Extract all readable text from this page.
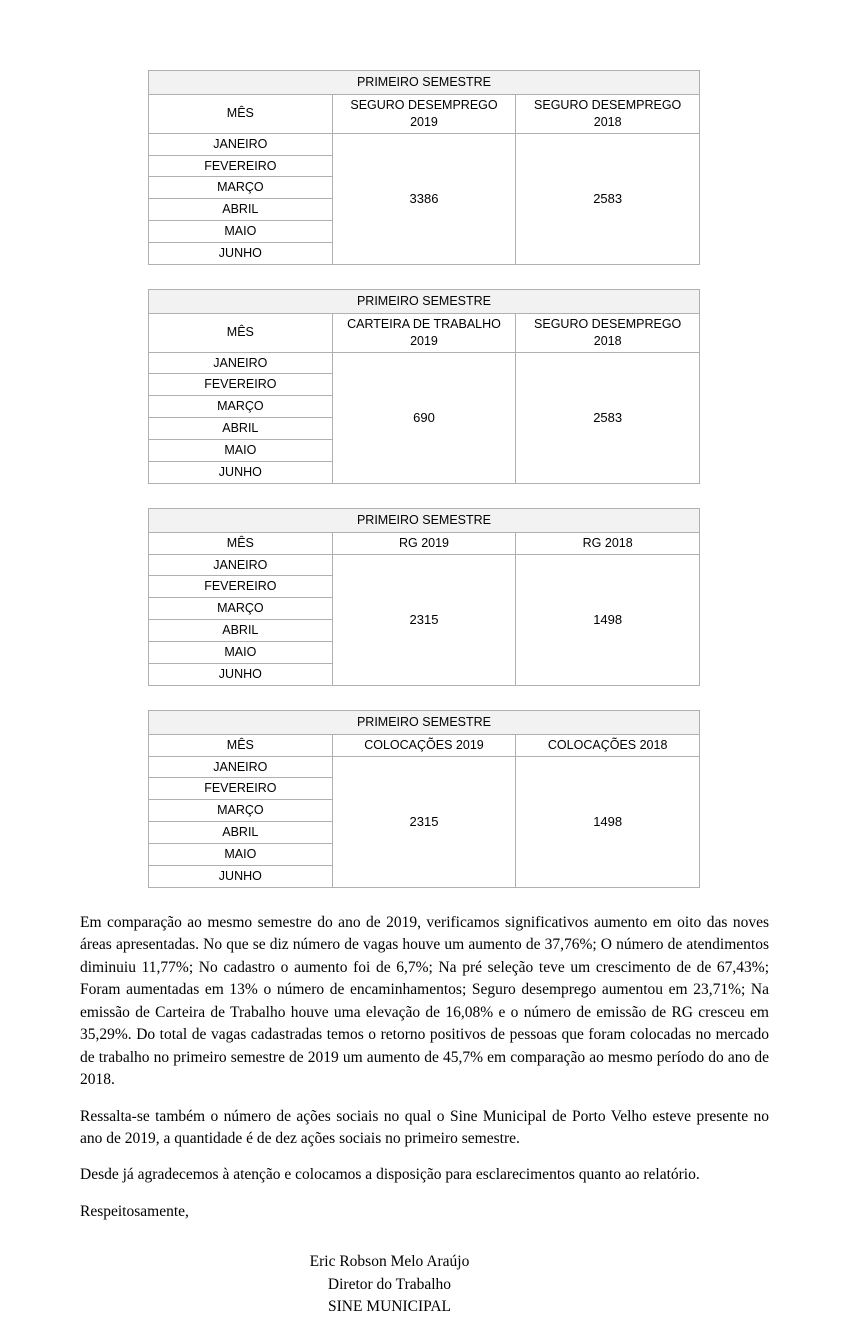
PRIMEIRO SEMESTRE		
MÊS	SEGURO DESEMPREGO 2019	SEGURO DESEMPREGO 2018
JANEIRO	3386	2583
FEVEREIRO		
MARÇO		
ABRIL		
MAIO		
JUNHO		
PRIMEIRO SEMESTRE		
MÊS	CARTEIRA DE TRABALHO 2019	SEGURO DESEMPREGO 2018
JANEIRO	690	2583
FEVEREIRO		
MARÇO		
ABRIL		
MAIO		
JUNHO		
PRIMEIRO SEMESTRE		
MÊS	RG 2019	RG 2018
JANEIRO	2315	1498
FEVEREIRO		
MARÇO		
ABRIL		
MAIO		
JUNHO		
PRIMEIRO SEMESTRE		
MÊS	COLOCAÇÕES 2019	COLOCAÇÕES 2018
JANEIRO	2315	1498
FEVEREIRO		
MARÇO		
ABRIL		
MAIO		
JUNHO		

Em comparação ao mesmo semestre do ano de 2019, verificamos significativos aumento em oito das noves áreas apresentadas. No que se diz número de vagas houve um aumento de 37,76%; O número de atendimentos diminuiu 11,77%; No cadastro o aumento foi de 6,7%; Na pré seleção teve um crescimento de de 67,43%; Foram aumentadas em 13% o número de encaminhamentos; Seguro desemprego aumentou em 23,71%; Na emissão de Carteira de Trabalho houve uma elevação de 16,08% e o número de emissão de RG cresceu em 35,29%. Do total de vagas cadastradas temos o retorno positivos de pessoas que foram colocadas no mercado de trabalho no primeiro semestre de 2019 um aumento de 45,7% em comparação ao mesmo período do ano de 2018.

Ressalta-se também o número de ações sociais no qual o Sine Municipal de Porto Velho esteve presente no ano de 2019, a quantidade é de dez ações sociais no primeiro semestre.

Desde já agradecemos à atenção e colocamos a disposição para esclarecimentos quanto ao relatório.

Respeitosamente,

Eric Robson Melo Araújo
Diretor do Trabalho
SINE MUNICIPAL
